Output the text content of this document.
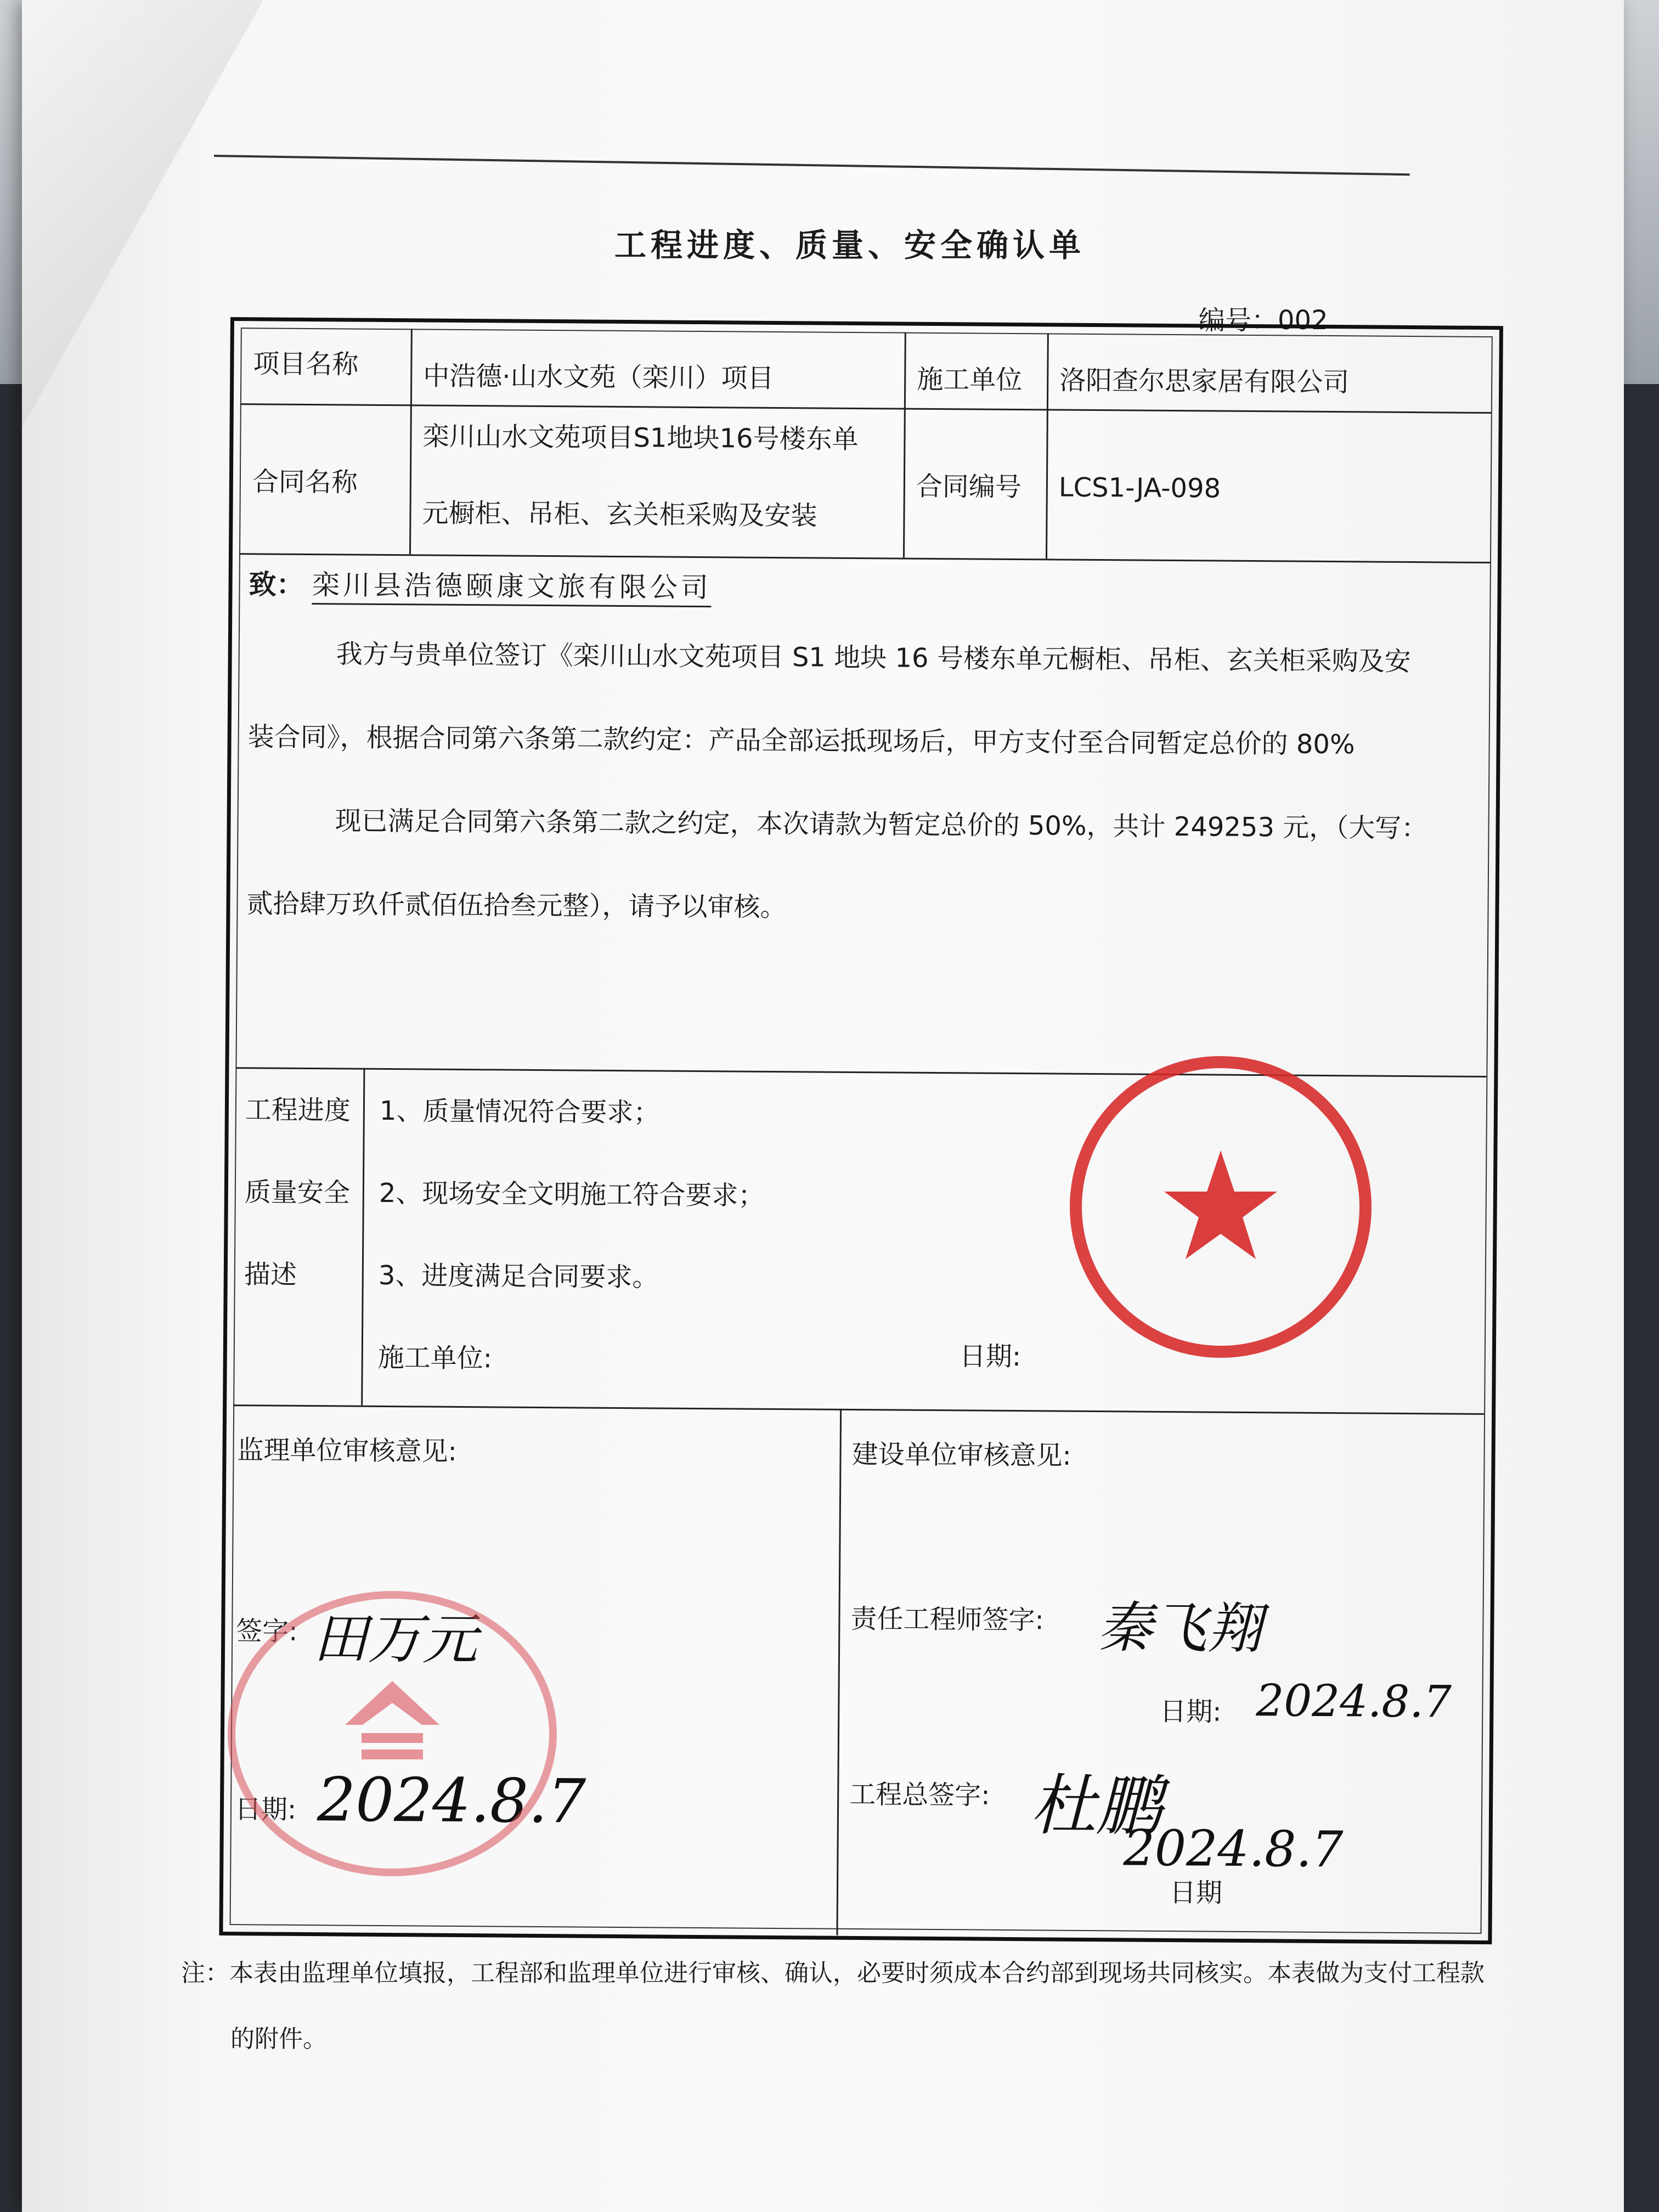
工程进度、质量、安全确认单
编号：002
项目名称 中浩德·山水文苑（栾川）项目	施工单位 洛阳查尔思家居有限公司
合同名称
栾川山水文苑项目S1地块16号楼东单
元橱柜、吊柜、玄关柜采购及安装
合同编号 LCS1-JA-098
致： 栾川县浩德颐康文旅有限公司
我方与贵单位签订《栾川山水文苑项目 S1 地块 16 号楼东单元橱柜、吊柜、玄关柜采购及安
装合同》，根据合同第六条第二款约定：产品全部运抵现场后，甲方支付至合同暂定总价的 80%
现已满足合同第六条第二款之约定，本次请款为暂定总价的 50%，共计 249253 元，（大写：
贰拾肆万玖仟贰佰伍拾叁元整），请予以审核。
工程进度
质量安全
描述
1、质量情况符合要求；
2、现场安全文明施工符合要求；
3、进度满足合同要求。
施工单位:	日期:
监理单位审核意见:
签字: 田万元
日期: 2024.8.7
建设单位审核意见:
责任工程师签字: 秦飞翔
日期: 2024.8.7
工程总签字: 杜鹏
2024.8.7
日期
注：本表由监理单位填报，工程部和监理单位进行审核、确认，必要时须成本合约部到现场共同核实。本表做为支付工程款
的附件。
